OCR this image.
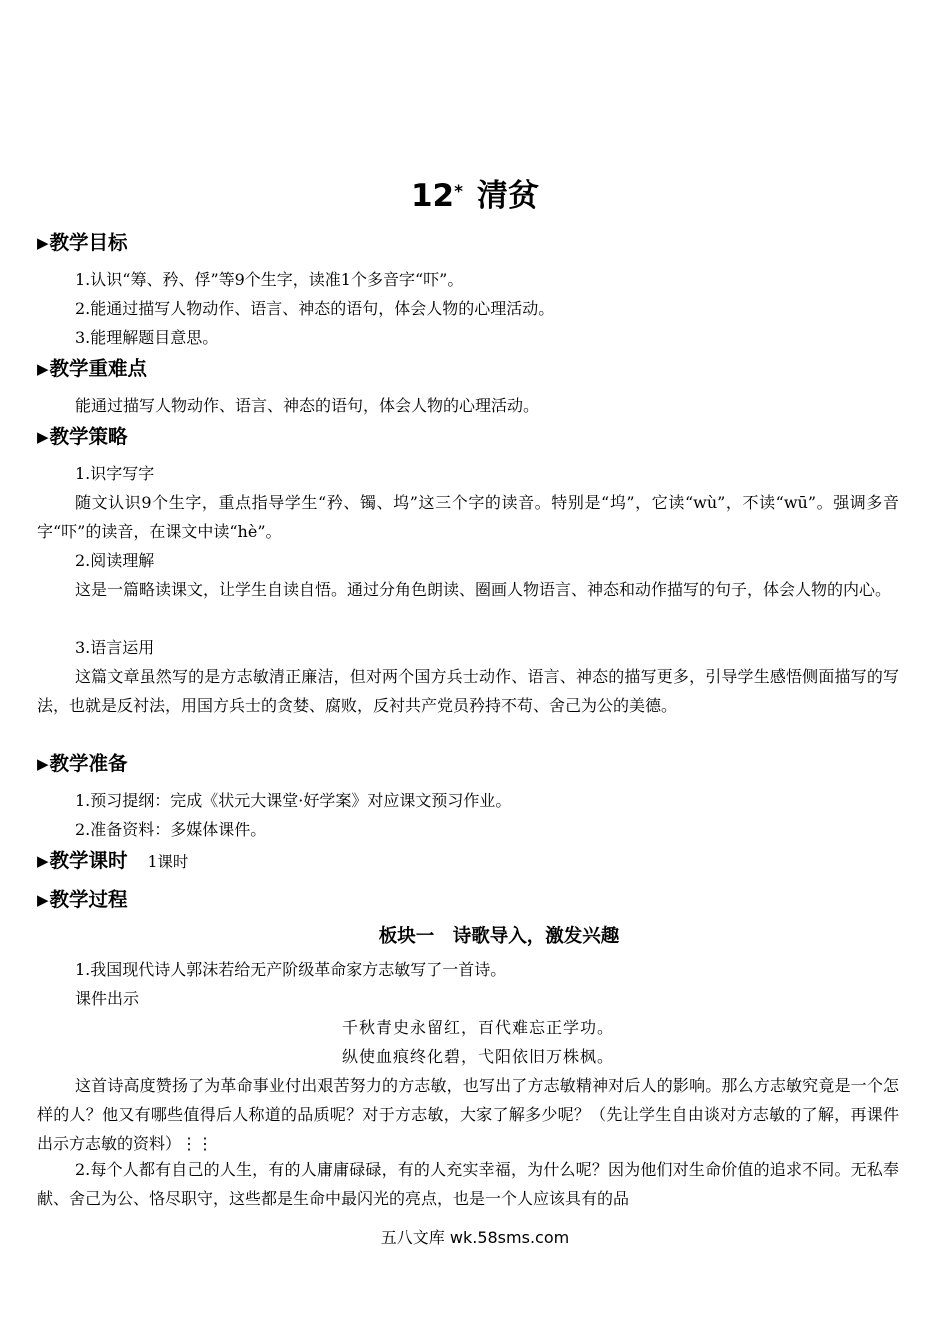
12* 清贫
▶教学目标
1.认识“筹、矜、俘”等9个生字，读准1个多音字“吓”。
2.能通过描写人物动作、语言、神态的语句，体会人物的心理活动。
3.能理解题目意思。
▶教学重难点
能通过描写人物动作、语言、神态的语句，体会人物的心理活动。
▶教学策略
1.识字写字
随文认识9个生字，重点指导学生“矜、镯、坞”这三个字的读音。特别是“坞”，它读“wù”，不读“wū”。强调多音字“吓”的读音，在课文中读“hè”。
2.阅读理解
这是一篇略读课文，让学生自读自悟。通过分角色朗读、圈画人物语言、神态和动作描写的句子，体会人物的内心。
3.语言运用
这篇文章虽然写的是方志敏清正廉洁，但对两个国方兵士动作、语言、神态的描写更多，引导学生感悟侧面描写的写法，也就是反衬法，用国方兵士的贪婪、腐败，反衬共产党员矜持不苟、舍己为公的美德。
▶教学准备
1.预习提纲：完成《状元大课堂·好学案》对应课文预习作业。
2.准备资料：多媒体课件。
▶教学课时 1课时
▶教学过程
板块一　诗歌导入，激发兴趣
1.我国现代诗人郭沫若给无产阶级革命家方志敏写了一首诗。
课件出示
千秋青史永留红，百代难忘正学功。
纵使血痕终化碧，弋阳依旧万株枫。
这首诗高度赞扬了为革命事业付出艰苦努力的方志敏，也写出了方志敏精神对后人的影响。那么方志敏究竟是一个怎样的人？他又有哪些值得后人称道的品质呢？对于方志敏，大家了解多少呢？（先让学生自由谈对方志敏的了解，再课件出示方志敏的资料）⋮⋮
2.每个人都有自己的人生，有的人庸庸碌碌，有的人充实幸福，为什么呢？因为他们对生命价值的追求不同。无私奉献、舍己为公、恪尽职守，这些都是生命中最闪光的亮点，也是一个人应该具有的品
五八文库 wk.58sms.com
